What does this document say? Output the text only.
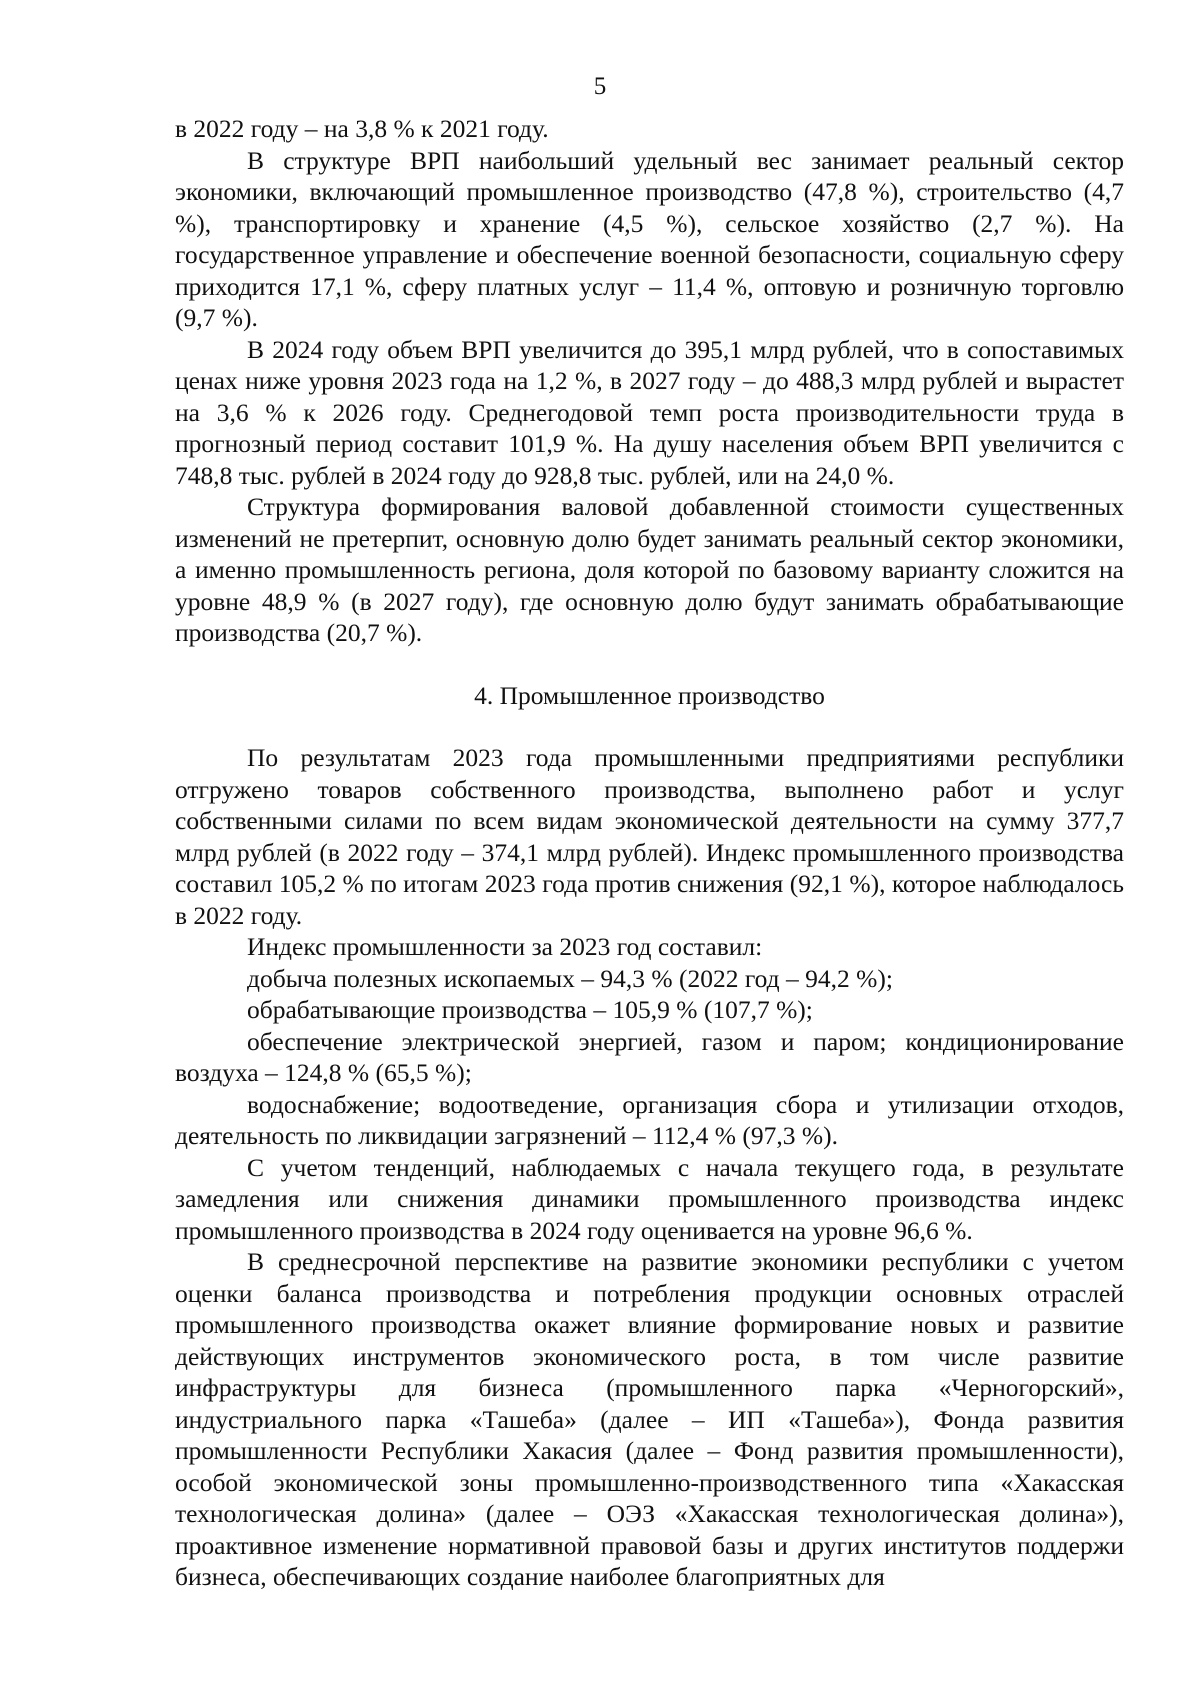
5

в 2022 году – на 3,8 % к 2021 году.

В структуре ВРП наибольший удельный вес занимает реальный сектор экономики, включающий промышленное производство (47,8 %), строительство (4,7 %), транспортировку и хранение (4,5 %), сельское хозяйство (2,7 %). На государственное управление и обеспечение военной безопасности, социальную сферу приходится 17,1 %, сферу платных услуг – 11,4 %, оптовую и розничную торговлю (9,7 %).

В 2024 году объем ВРП увеличится до 395,1 млрд рублей, что в сопоставимых ценах ниже уровня 2023 года на 1,2 %, в 2027 году – до 488,3 млрд рублей и вырастет на 3,6 % к 2026 году. Среднегодовой темп роста производительности труда в прогнозный период составит 101,9 %. На душу населения объем ВРП увеличится с 748,8 тыс. рублей в 2024 году до 928,8 тыс. рублей, или на 24,0 %.

Структура формирования валовой добавленной стоимости существенных изменений не претерпит, основную долю будет занимать реальный сектор экономики, а именно промышленность региона, доля которой по базовому варианту сложится на уровне 48,9 % (в 2027 году), где основную долю будут занимать обрабатывающие производства (20,7 %).

4. Промышленное производство

По результатам 2023 года промышленными предприятиями республики отгружено товаров собственного производства, выполнено работ и услуг собственными силами по всем видам экономической деятельности на сумму 377,7 млрд рублей (в 2022 году – 374,1 млрд рублей). Индекс промышленного производства составил 105,2 % по итогам 2023 года против снижения (92,1 %), которое наблюдалось в 2022 году.

Индекс промышленности за 2023 год составил:

добыча полезных ископаемых – 94,3 % (2022 год – 94,2 %);

обрабатывающие производства – 105,9 % (107,7 %);

обеспечение электрической энергией, газом и паром; кондиционирование воздуха – 124,8 % (65,5 %);

водоснабжение; водоотведение, организация сбора и утилизации отходов, деятельность по ликвидации загрязнений – 112,4 % (97,3 %).

С учетом тенденций, наблюдаемых с начала текущего года, в результате замедления или снижения динамики промышленного производства индекс промышленного производства в 2024 году оценивается на уровне 96,6 %.

В среднесрочной перспективе на развитие экономики республики с учетом оценки баланса производства и потребления продукции основных отраслей промышленного производства окажет влияние формирование новых и развитие действующих инструментов экономического роста, в том числе развитие инфраструктуры для бизнеса (промышленного парка «Черногорский», индустриального парка «Ташеба» (далее – ИП «Ташеба»), Фонда развития промышленности Республики Хакасия (далее – Фонд развития промышленности), особой экономической зоны промышленно-производственного типа «Хакасская технологическая долина» (далее – ОЭЗ «Хакасская технологическая долина»), проактивное изменение нормативной правовой базы и других институтов поддержи бизнеса, обеспечивающих создание наиболее благоприятных для
